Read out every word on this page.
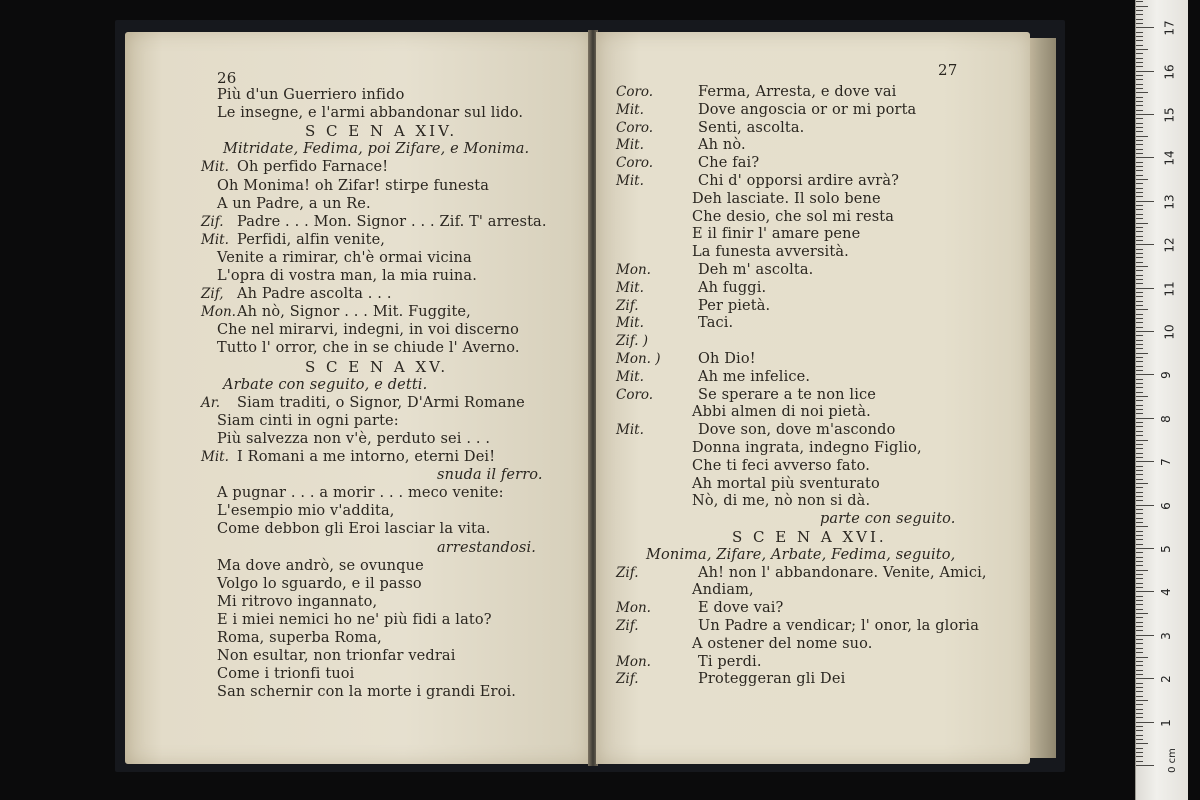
26
Più d'un Guerriero infido
Le insegne, e l'armi abbandonar sul lido.
S C E N A XIV.
Mitridate, Fedima, poi Zifare, e Monima.
Mit. Oh perfido Farnace!
Oh Monima! oh Zifar! stirpe funesta
A un Padre, a un Re.
Zif. Padre . . . Mon. Signor . . . Zif. T' arresta.
Mit. Perfidi, alfin venite,
Venite a rimirar, ch'è ormai vicina
L'opra di vostra man, la mia ruina.
Zif, Ah Padre ascolta . . .
Mon. Ah nò, Signor . . . Mit. Fuggite,
Che nel mirarvi, indegni, in voi discerno
Tutto l' orror, che in se chiude l' Averno.
S C E N A XV.
Arbate con seguito, e detti.
Ar. Siam traditi, o Signor, D'Armi Romane
Siam cinti in ogni parte:
Più salvezza non v'è, perduto sei . . .
Mit. I Romani a me intorno, eterni Dei!
snuda il ferro.
A pugnar . . . a morir . . . meco venite:
L'esempio mio v'addita,
Come debbon gli Eroi lasciar la vita.
arrestandosi.
Ma dove andrò, se ovunque
Volgo lo sguardo, e il passo
Mi ritrovo ingannato,
E i miei nemici ho ne' più fidi a lato?
Roma, superba Roma,
Non esultar, non trionfar vedrai
Come i trionfi tuoi
San schernir con la morte i grandi Eroi.
27
Coro.	Ferma, Arresta, e dove vai
Mit.	Dove angoscia or or mi porta
Coro.	Senti, ascolta.
Mit.	Ah nò.
Coro.	Che fai?
Mit.	Chi d' opporsi ardire avrà?
Deh lasciate. Il solo bene
Che desio, che sol mi resta
E il finir l' amare pene
La funesta avversità.
Mon.	Deh m' ascolta.
Mit.	Ah fuggi.
Zif.	Per pietà.
Mit.	Taci.
Zif. )
Mon. )	Oh Dio!
Mit.	Ah me infelice.
Coro.	Se sperare a te non lice
Abbi almen di noi pietà.
Mit.	Dove son, dove m'ascondo
Donna ingrata, indegno Figlio,
Che ti feci avverso fato.
Ah mortal più sventurato
Nò, di me, nò non si dà.
parte con seguito.
S C E N A XVI.
Monima, Zifare, Arbate, Fedima, seguito,
Zif.	Ah! non l' abbandonare. Venite, Amici,
Andiam,
Mon.	E dove vai?
Zif.	Un Padre a vendicar; l' onor, la gloria
A ostener del nome suo.
Mon.	Ti perdi.
Zif.	Proteggeran gli Dei
0 cm
17
16
15
14
13
12
11
10
9
8
7
6
5
4
3
2
1
